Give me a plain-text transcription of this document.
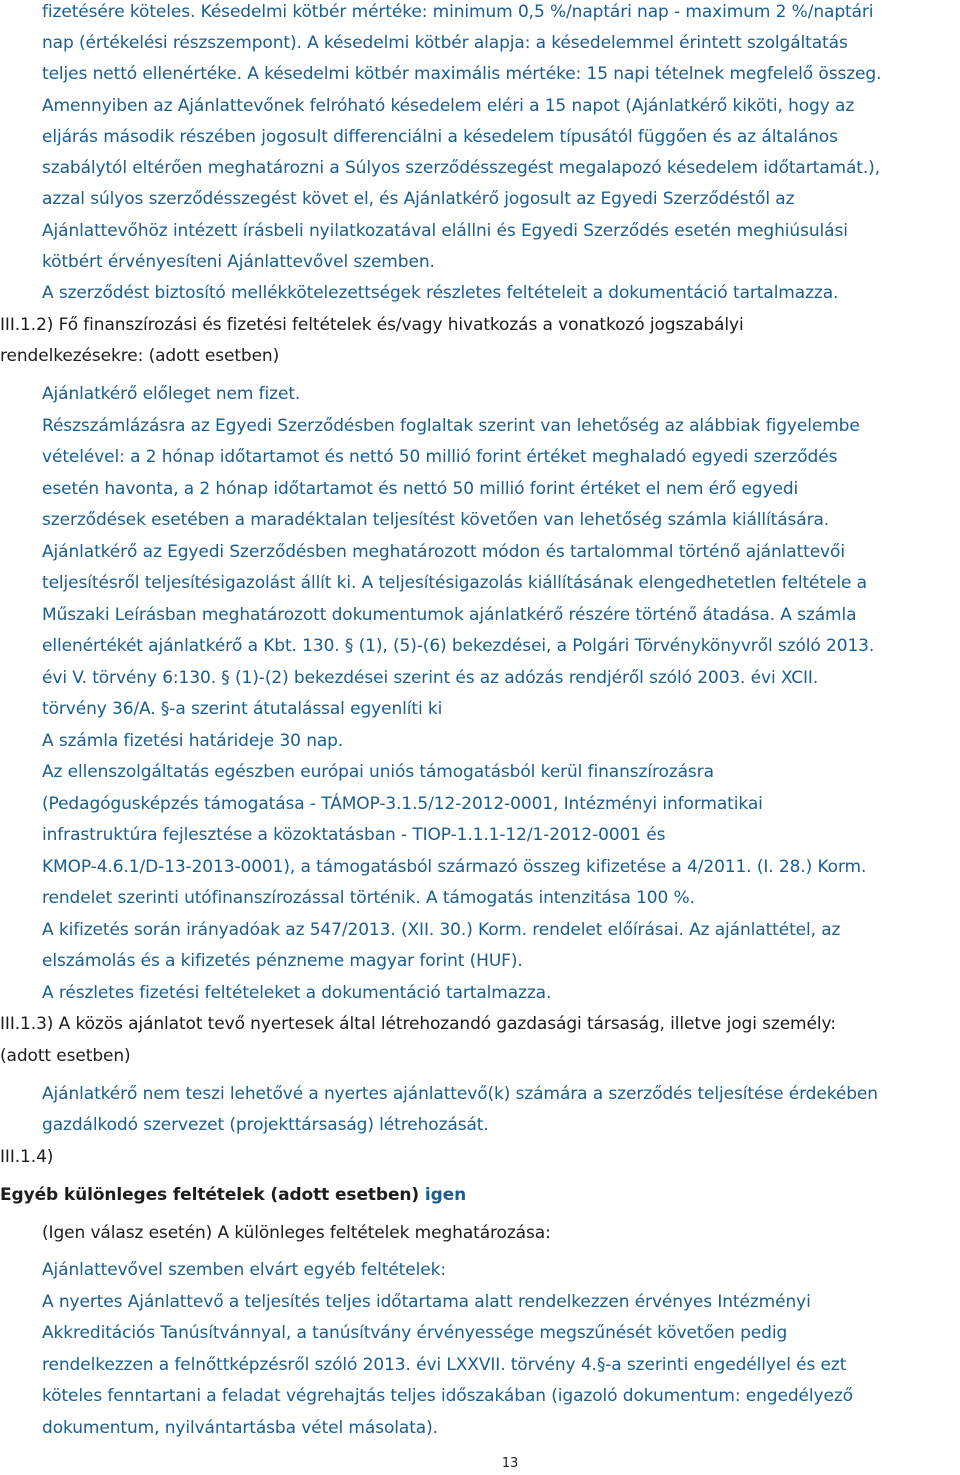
fizetésére köteles. Késedelmi kötbér mértéke: minimum 0,5 %/naptári nap - maximum 2 %/naptári
nap (értékelési részszempont). A késedelmi kötbér alapja: a késedelemmel érintett szolgáltatás
teljes nettó ellenértéke. A késedelmi kötbér maximális mértéke: 15 napi tételnek megfelelő összeg.
Amennyiben az Ajánlattevőnek felróható késedelem eléri a 15 napot (Ajánlatkérő kiköti, hogy az
eljárás második részében jogosult differenciálni a késedelem típusától függően és az általános
szabálytól eltérően meghatározni a Súlyos szerződésszegést megalapozó késedelem időtartamát.),
azzal súlyos szerződésszegést követ el, és Ajánlatkérő jogosult az Egyedi Szerződéstől az
Ajánlattevőhöz intézett írásbeli nyilatkozatával elállni és Egyedi Szerződés esetén meghiúsulási
kötbért érvényesíteni Ajánlattevővel szemben.
A szerződést biztosító mellékkötelezettségek részletes feltételeit a dokumentáció tartalmazza.
III.1.2) Fő finanszírozási és fizetési feltételek és/vagy hivatkozás a vonatkozó jogszabályi
rendelkezésekre: (adott esetben)
Ajánlatkérő előleget nem fizet.
Részszámlázásra az Egyedi Szerződésben foglaltak szerint van lehetőség az alábbiak figyelembe
vételével: a 2 hónap időtartamot és nettó 50 millió forint értéket meghaladó egyedi szerződés
esetén havonta, a 2 hónap időtartamot és nettó 50 millió forint értéket el nem érő egyedi
szerződések esetében a maradéktalan teljesítést követően van lehetőség számla kiállítására.
Ajánlatkérő az Egyedi Szerződésben meghatározott módon és tartalommal történő ajánlattevői
teljesítésről teljesítésigazolást állít ki. A teljesítésigazolás kiállításának elengedhetetlen feltétele a
Műszaki Leírásban meghatározott dokumentumok ajánlatkérő részére történő átadása. A számla
ellenértékét ajánlatkérő a Kbt. 130. § (1), (5)-(6) bekezdései, a Polgári Törvénykönyvről szóló 2013.
évi V. törvény 6:130. § (1)-(2) bekezdései szerint és az adózás rendjéről szóló 2003. évi XCII.
törvény 36/A. §-a szerint átutalással egyenlíti ki
A számla fizetési határideje 30 nap.
Az ellenszolgáltatás egészben európai uniós támogatásból kerül finanszírozásra
(Pedagógusképzés támogatása - TÁMOP-3.1.5/12-2012-0001, Intézményi informatikai
infrastruktúra fejlesztése a közoktatásban - TIOP-1.1.1-12/1-2012-0001 és
KMOP-4.6.1/D-13-2013-0001), a támogatásból származó összeg kifizetése a 4/2011. (I. 28.) Korm.
rendelet szerinti utófinanszírozással történik. A támogatás intenzitása 100 %.
A kifizetés során irányadóak az 547/2013. (XII. 30.) Korm. rendelet előírásai. Az ajánlattétel, az
elszámolás és a kifizetés pénzneme magyar forint (HUF).
A részletes fizetési feltételeket a dokumentáció tartalmazza.
III.1.3) A közös ajánlatot tevő nyertesek által létrehozandó gazdasági társaság, illetve jogi személy:
(adott esetben)
Ajánlatkérő nem teszi lehetővé a nyertes ajánlattevő(k) számára a szerződés teljesítése érdekében
gazdálkodó szervezet (projekttársaság) létrehozását.
III.1.4)
Egyéb különleges feltételek (adott esetben) igen
(Igen válasz esetén) A különleges feltételek meghatározása:
Ajánlattevővel szemben elvárt egyéb feltételek:
A nyertes Ajánlattevő a teljesítés teljes időtartama alatt rendelkezzen érvényes Intézményi
Akkreditációs Tanúsítvánnyal, a tanúsítvány érvényessége megszűnését követően pedig
rendelkezzen a felnőttképzésről szóló 2013. évi LXXVII. törvény 4.§-a szerinti engedéllyel és ezt
köteles fenntartani a feladat végrehajtás teljes időszakában (igazoló dokumentum: engedélyező
dokumentum, nyilvántartásba vétel másolata).
13
